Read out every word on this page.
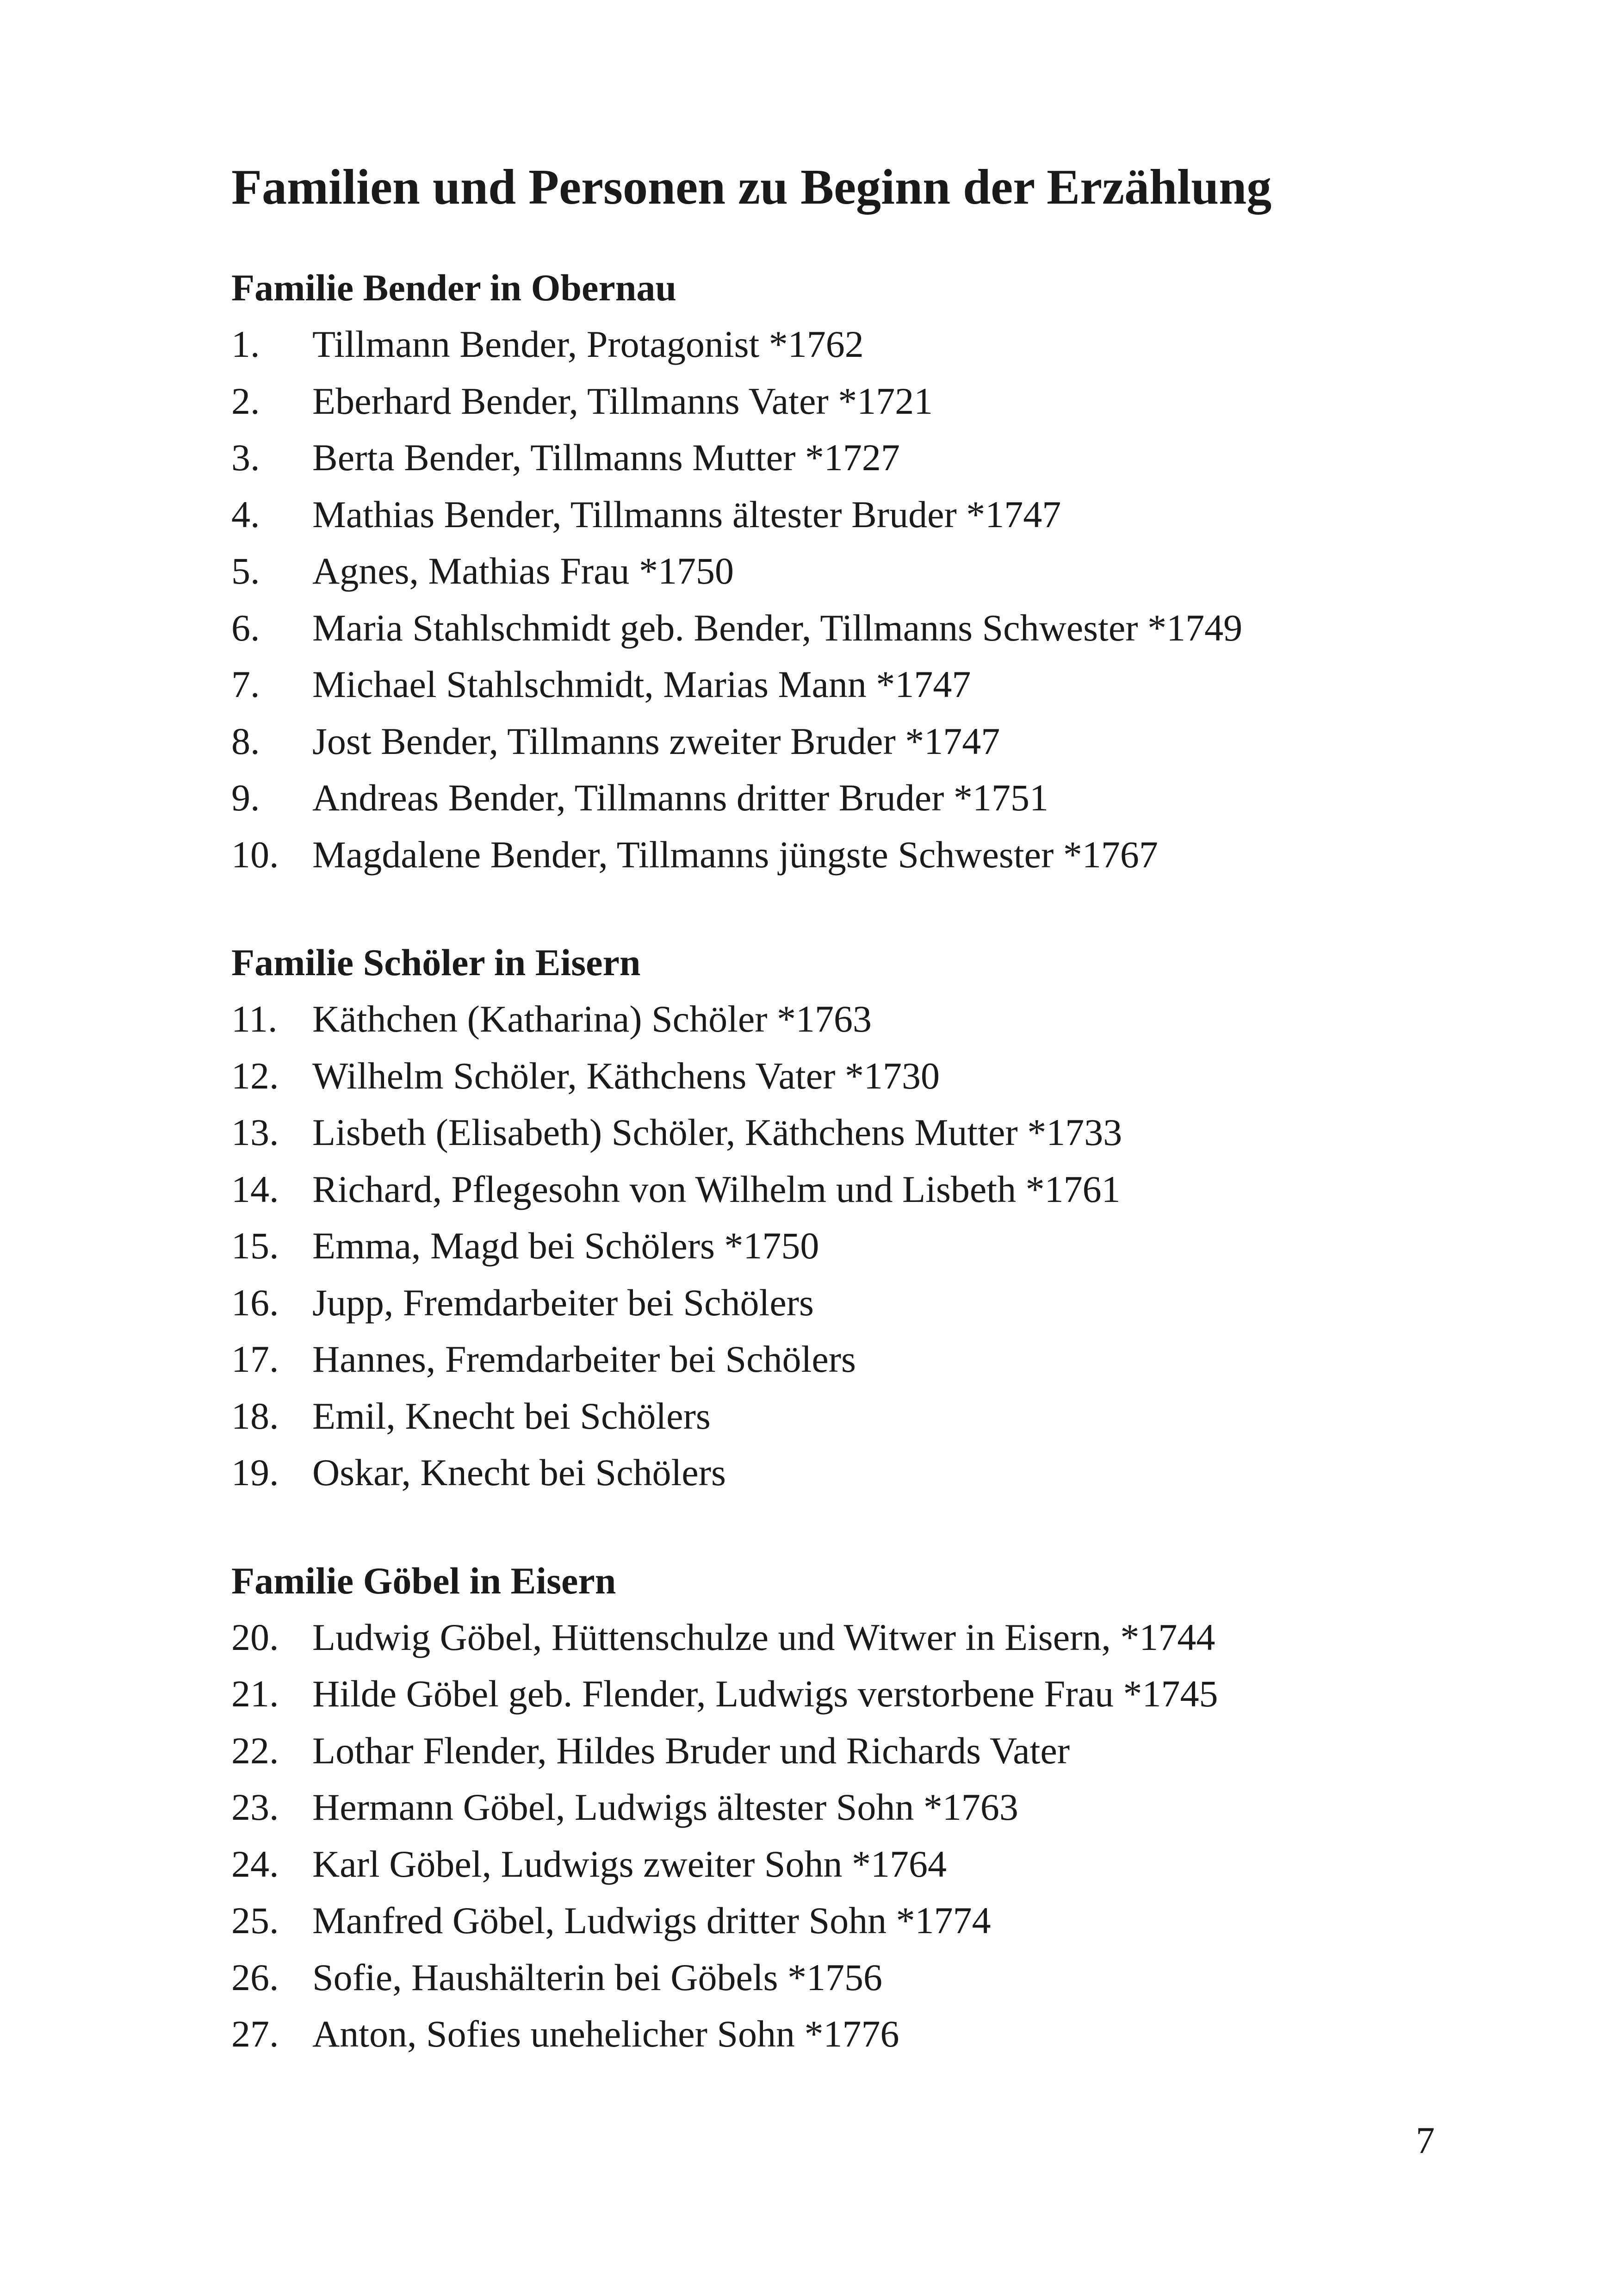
Familien und Personen zu Beginn der Erzählung
Familie Bender in Obernau
1.	Tillmann Bender, Protagonist *1762
2.	Eberhard Bender, Tillmanns Vater *1721
3.	Berta Bender, Tillmanns Mutter *1727
4.	Mathias Bender, Tillmanns ältester Bruder *1747
5.	Agnes, Mathias Frau *1750
6.	Maria Stahlschmidt geb. Bender, Tillmanns Schwester *1749
7.	Michael Stahlschmidt, Marias Mann *1747
8.	Jost Bender, Tillmanns zweiter Bruder *1747
9.	Andreas Bender, Tillmanns dritter Bruder *1751
10. Magdalene Bender, Tillmanns jüngste Schwester *1767
Familie Schöler in Eisern
11. Käthchen (Katharina) Schöler *1763
12. Wilhelm Schöler, Käthchens Vater *1730
13. Lisbeth (Elisabeth) Schöler, Käthchens Mutter *1733
14. Richard, Pflegesohn von Wilhelm und Lisbeth *1761
15. Emma, Magd bei Schölers *1750
16. Jupp, Fremdarbeiter bei Schölers
17. Hannes, Fremdarbeiter bei Schölers
18. Emil, Knecht bei Schölers
19. Oskar, Knecht bei Schölers
Familie Göbel in Eisern
20. Ludwig Göbel, Hüttenschulze und Witwer in Eisern, *1744
21. Hilde Göbel geb. Flender, Ludwigs verstorbene Frau *1745
22. Lothar Flender, Hildes Bruder und Richards Vater
23. Hermann Göbel, Ludwigs ältester Sohn *1763
24. Karl Göbel, Ludwigs zweiter Sohn *1764
25. Manfred Göbel, Ludwigs dritter Sohn *1774
26. Sofie, Haushälterin bei Göbels *1756
27. Anton, Sofies unehelicher Sohn *1776
7
